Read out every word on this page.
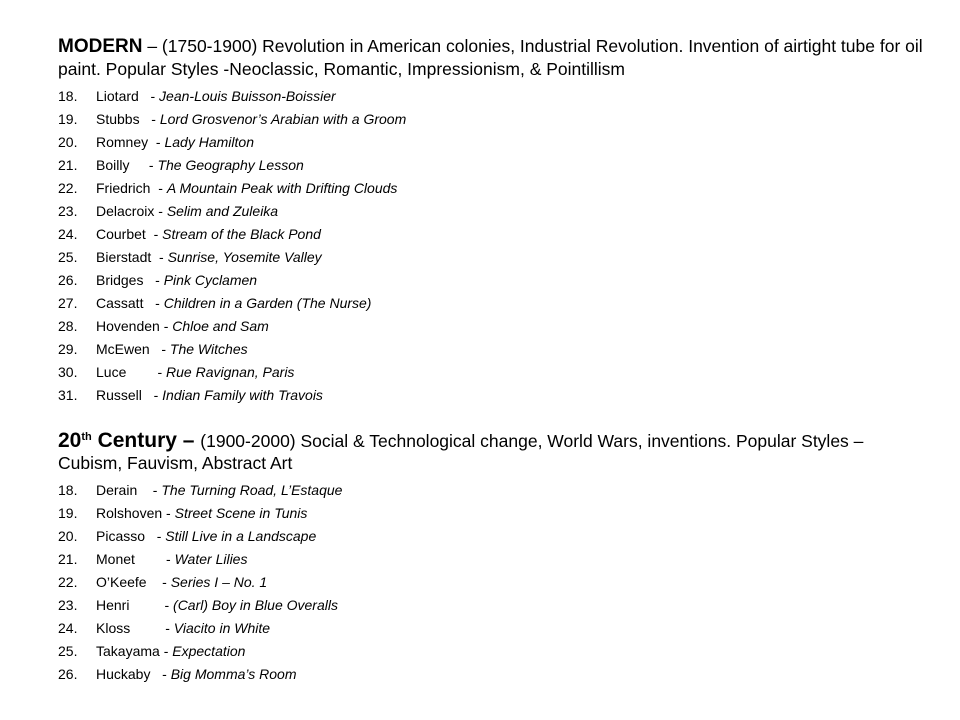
MODERN – (1750-1900) Revolution in American colonies, Industrial Revolution. Invention of airtight tube for oil paint. Popular Styles -Neoclassic, Romantic, Impressionism, & Pointillism

18. Liotard   - Jean-Louis Buisson-Boissier
19. Stubbs   - Lord Grosvenor’s Arabian with a Groom
20. Romney  - Lady Hamilton
21. Boilly     - The Geography Lesson
22. Friedrich  - A Mountain Peak with Drifting Clouds
23. Delacroix - Selim and Zuleika
24. Courbet  - Stream of the Black Pond
25. Bierstadt  - Sunrise, Yosemite Valley
26. Bridges   - Pink Cyclamen
27. Cassatt   - Children in a Garden (The Nurse)
28. Hovenden - Chloe and Sam
29. McEwen   - The Witches
30. Luce        - Rue Ravignan, Paris
31. Russell   - Indian Family with Travois

20th Century – (1900-2000) Social & Technological change, World Wars, inventions. Popular Styles – Cubism, Fauvism, Abstract Art

18. Derain    - The Turning Road, L’Estaque
19. Rolshoven - Street Scene in Tunis
20. Picasso   - Still Live in a Landscape
21. Monet        - Water Lilies
22. O’Keefe    - Series I – No. 1
23. Henri         - (Carl) Boy in Blue Overalls
24. Kloss         - Viacito in White
25. Takayama - Expectation
26. Huckaby   - Big Momma’s Room
